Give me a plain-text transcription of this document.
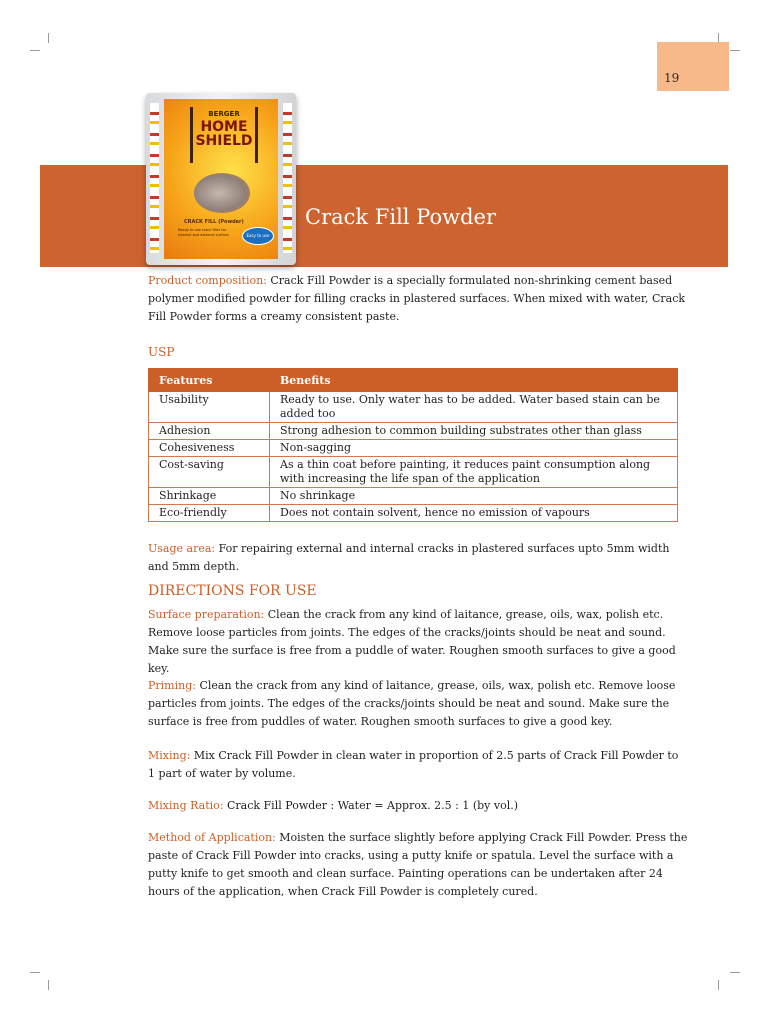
19
Crack Fill Powder
BERGER
HOME
SHIELD
CRACK FILL (Powder)
Ready to use crack filler for internal and external surface	Easy to use
Product composition: Crack Fill Powder is a specially formulated non-shrinking cement based polymer modified powder for filling cracks in plastered surfaces. When mixed with water, Crack Fill Powder forms a creamy consistent paste.
USP
Features	Benefits
Usability	Ready to use. Only water has to be added. Water based stain can be added too
Adhesion	Strong adhesion to common building substrates other than glass
Cohesiveness	Non-sagging
Cost-saving	As a thin coat before painting, it reduces paint consumption along with increasing the life span of the application
Shrinkage	No shrinkage
Eco-friendly	Does not contain solvent, hence no emission of vapours
Usage area: For repairing external and internal cracks in plastered surfaces upto 5mm width and 5mm depth.
DIRECTIONS FOR USE
Surface preparation: Clean the crack from any kind of laitance, grease, oils, wax, polish etc. Remove loose particles from joints. The edges of the cracks/joints should be neat and sound. Make sure the surface is free from a puddle of water. Roughen smooth surfaces to give a good key.
Priming: Clean the crack from any kind of laitance, grease, oils, wax, polish etc. Remove loose particles from joints. The edges of the cracks/joints should be neat and sound. Make sure the surface is free from puddles of water. Roughen smooth surfaces to give a good key.
Mixing: Mix Crack Fill Powder in clean water in proportion of 2.5 parts of Crack Fill Powder to 1 part of water by volume.
Mixing Ratio: Crack Fill Powder : Water = Approx. 2.5 : 1 (by vol.)
Method of Application: Moisten the surface slightly before applying Crack Fill Powder. Press the paste of Crack Fill Powder into cracks, using a putty knife or spatula. Level the surface with a putty knife to get smooth and clean surface. Painting operations can be undertaken after 24 hours of the application, when Crack Fill Powder is completely cured.
